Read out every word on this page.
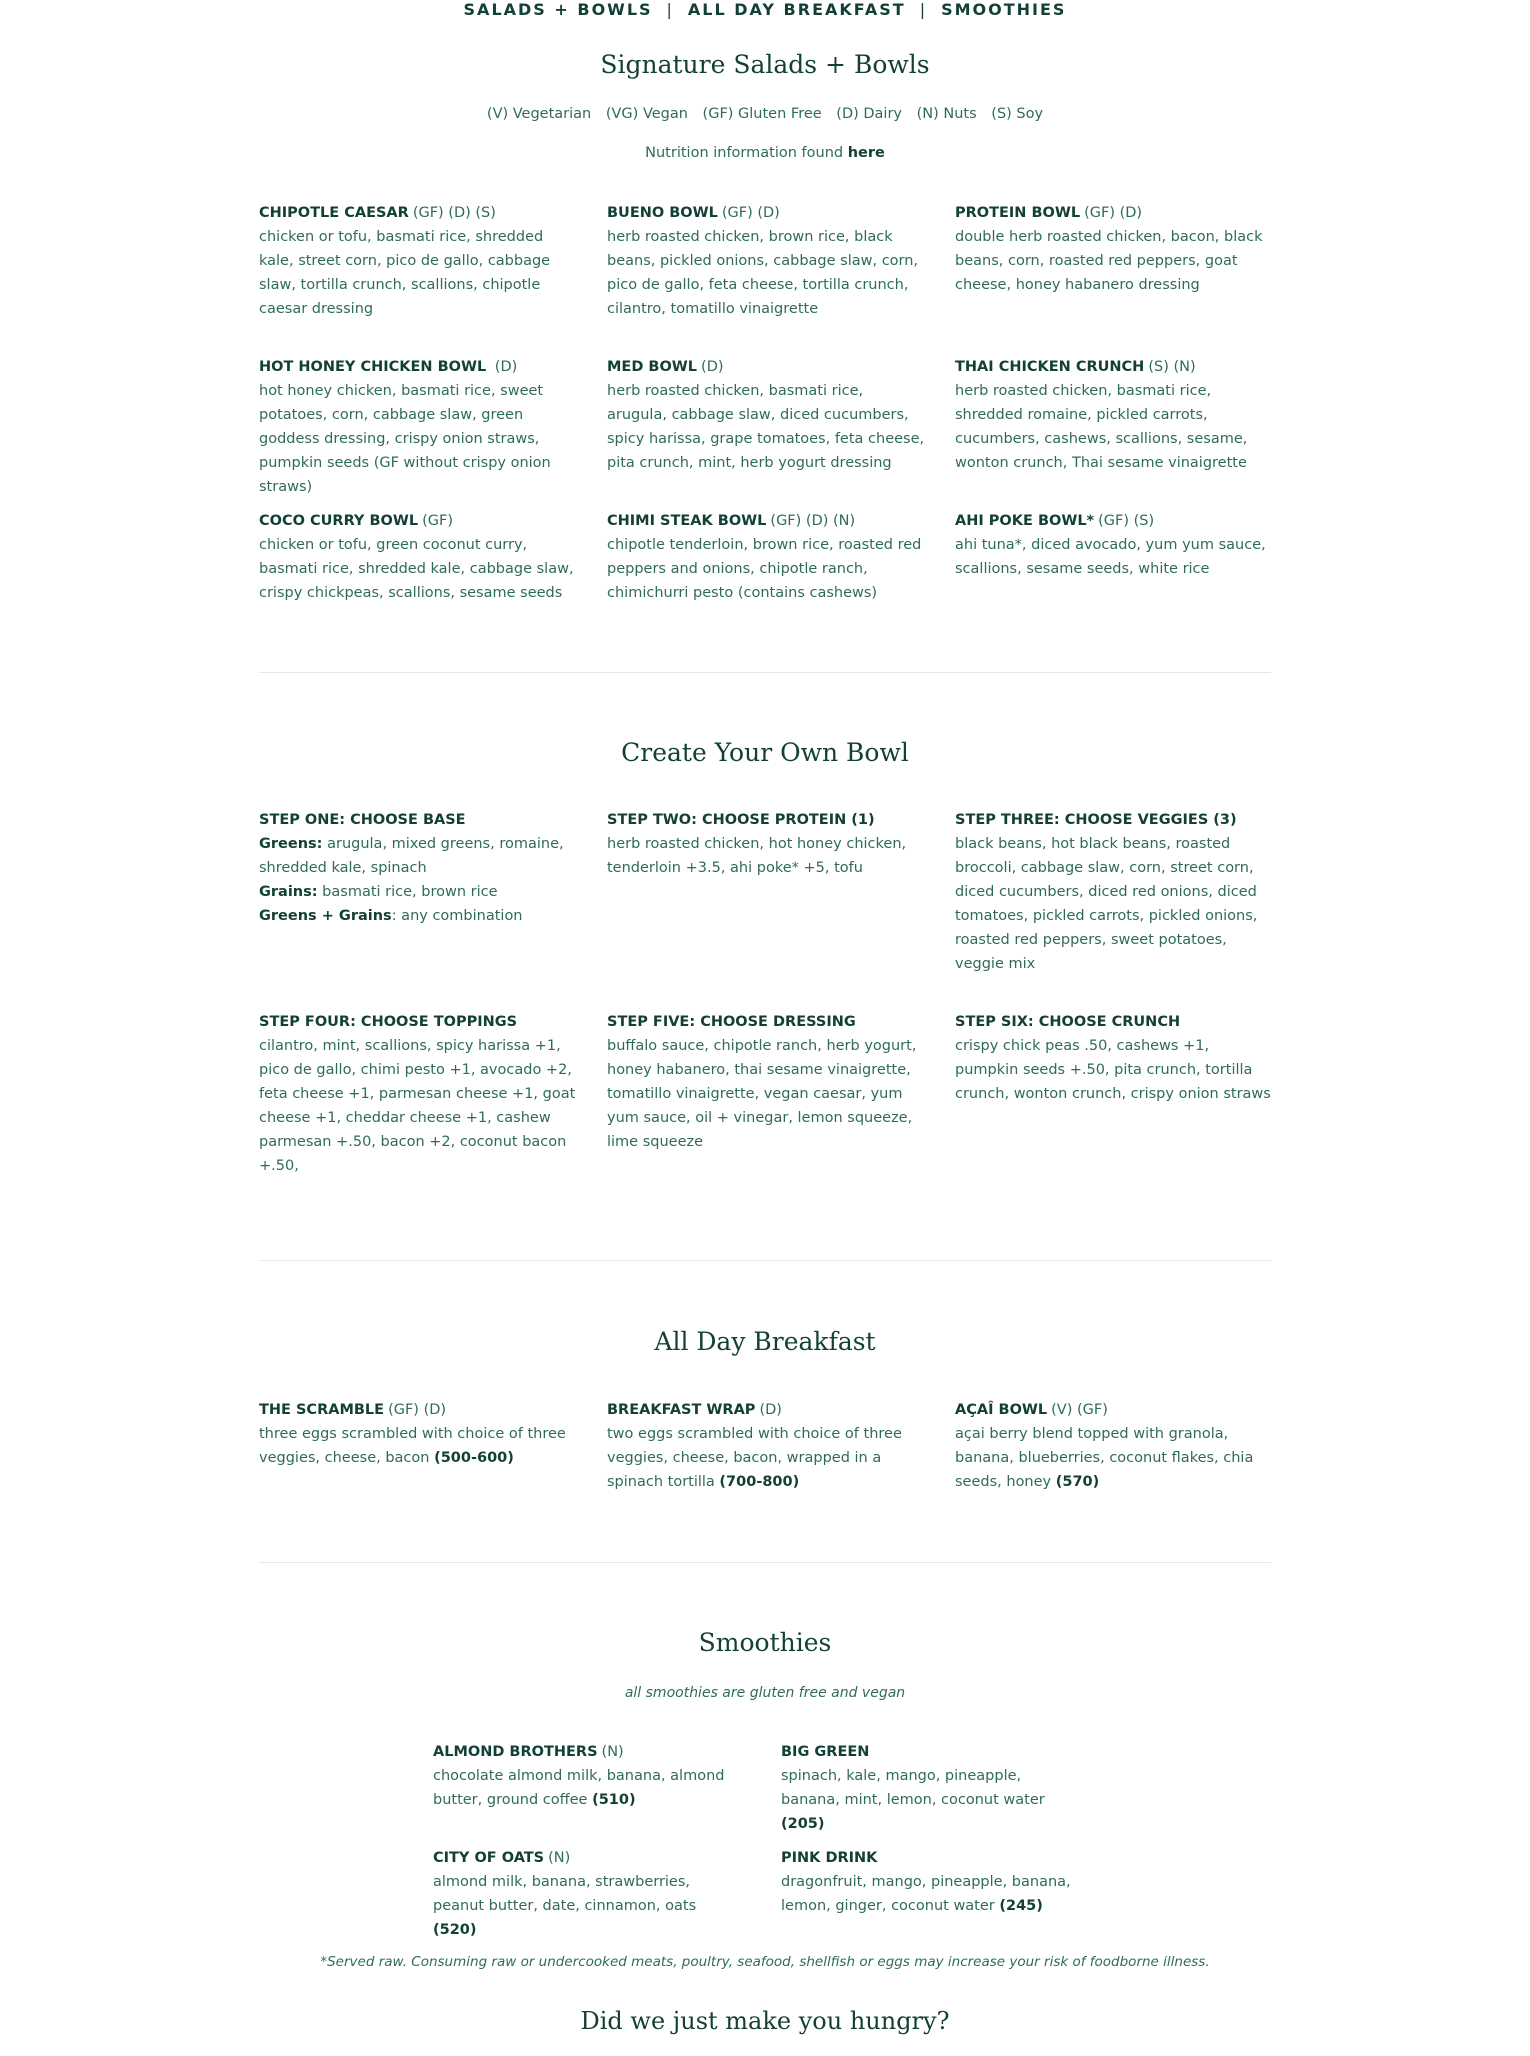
SALADS + BOWLS | ALL DAY BREAKFAST | SMOOTHIES
Signature Salads + Bowls
(V) Vegetarian (VG) Vegan (GF) Gluten Free (D) Dairy (N) Nuts (S) Soy
Nutrition information found here
CHIPOTLE CAESAR (GF) (D) (S)
chicken or tofu, basmati rice, shredded kale, street corn, pico de gallo, cabbage slaw, tortilla crunch, scallions, chipotle caesar dressing
BUENO BOWL (GF) (D)
herb roasted chicken, brown rice, black beans, pickled onions, cabbage slaw, corn, pico de gallo, feta cheese, tortilla crunch, cilantro, tomatillo vinaigrette
PROTEIN BOWL (GF) (D)
double herb roasted chicken, bacon, black beans, corn, roasted red peppers, goat cheese, honey habanero dressing
HOT HONEY CHICKEN BOWL (D)
hot honey chicken, basmati rice, sweet potatoes, corn, cabbage slaw, green goddess dressing, crispy onion straws, pumpkin seeds (GF without crispy onion straws)
MED BOWL (D)
herb roasted chicken, basmati rice, arugula, cabbage slaw, diced cucumbers, spicy harissa, grape tomatoes, feta cheese, pita crunch, mint, herb yogurt dressing
THAI CHICKEN CRUNCH (S) (N)
herb roasted chicken, basmati rice, shredded romaine, pickled carrots, cucumbers, cashews, scallions, sesame, wonton crunch, Thai sesame vinaigrette
COCO CURRY BOWL (GF)
chicken or tofu, green coconut curry, basmati rice, shredded kale, cabbage slaw, crispy chickpeas, scallions, sesame seeds
CHIMI STEAK BOWL (GF) (D) (N)
chipotle tenderloin, brown rice, roasted red peppers and onions, chipotle ranch, chimichurri pesto (contains cashews)
AHI POKE BOWL* (GF) (S)
ahi tuna*, diced avocado, yum yum sauce, scallions, sesame seeds, white rice
Create Your Own Bowl
STEP ONE: CHOOSE BASE
Greens: arugula, mixed greens, romaine, shredded kale, spinach
Grains: basmati rice, brown rice
Greens + Grains: any combination
STEP TWO: CHOOSE PROTEIN (1)
herb roasted chicken, hot honey chicken, tenderloin +3.5, ahi poke* +5, tofu
STEP THREE: CHOOSE VEGGIES (3)
black beans, hot black beans, roasted broccoli, cabbage slaw, corn, street corn, diced cucumbers, diced red onions, diced tomatoes, pickled carrots, pickled onions, roasted red peppers, sweet potatoes, veggie mix
STEP FOUR: CHOOSE TOPPINGS
cilantro, mint, scallions, spicy harissa +1, pico de gallo, chimi pesto +1, avocado +2, feta cheese +1, parmesan cheese +1, goat cheese +1, cheddar cheese +1, cashew parmesan +.50, bacon +2, coconut bacon +.50,
STEP FIVE: CHOOSE DRESSING
buffalo sauce, chipotle ranch, herb yogurt, honey habanero, thai sesame vinaigrette, tomatillo vinaigrette, vegan caesar, yum yum sauce, oil + vinegar, lemon squeeze, lime squeeze
STEP SIX: CHOOSE CRUNCH
crispy chick peas .50, cashews +1, pumpkin seeds +.50, pita crunch, tortilla crunch, wonton crunch, crispy onion straws
All Day Breakfast
THE SCRAMBLE (GF) (D)
three eggs scrambled with choice of three veggies, cheese, bacon (500-600)
BREAKFAST WRAP (D)
two eggs scrambled with choice of three veggies, cheese, bacon, wrapped in a spinach tortilla (700-800)
AÇAÎ BOWL (V) (GF)
açai berry blend topped with granola, banana, blueberries, coconut flakes, chia seeds, honey (570)
Smoothies
all smoothies are gluten free and vegan
ALMOND BROTHERS (N)
chocolate almond milk, banana, almond butter, ground coffee (510)
BIG GREEN
spinach, kale, mango, pineapple, banana, mint, lemon, coconut water (205)
CITY OF OATS (N)
almond milk, banana, strawberries, peanut butter, date, cinnamon, oats (520)
PINK DRINK
dragonfruit, mango, pineapple, banana, lemon, ginger, coconut water (245)
*Served raw. Consuming raw or undercooked meats, poultry, seafood, shellfish or eggs may increase your risk of foodborne illness.
Did we just make you hungry?
